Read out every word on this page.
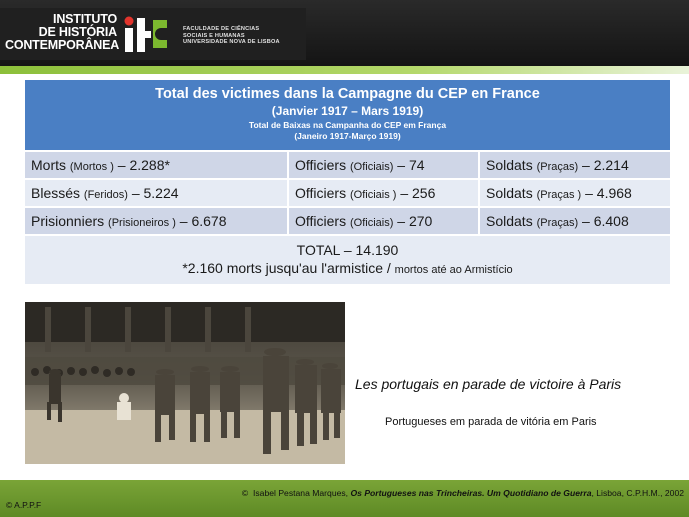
INSTITUTO
DE HISTÓRIA
CONTEMPORÂNEA
FACULDADE DE CIÊNCIAS
SOCIAIS E HUMANAS
UNIVERSIDADE NOVA DE LISBOA
Total des victimes dans la Campagne du CEP en France
(Janvier 1917 – Mars 1919)
Total de Baixas na Campanha do CEP em França
(Janeiro 1917-Março 1919)
Morts (Mortos ) – 2.288*	Officiers (Oficiais) – 74	Soldats (Praças) – 2.214
Blessés (Feridos) – 5.224	Officiers (Oficiais ) – 256	Soldats (Praças ) – 4.968
Prisionniers (Prisioneiros ) – 6.678	Officiers (Oficiais) – 270	Soldats (Praças) – 6.408
TOTAL – 14.190
*2.160 morts jusqu'au l'armistice / mortos até ao Armistício
Les portugais en parade de victoire à Paris
Portugueses em parada de vitória em Paris
© Isabel Pestana Marques, Os Portugueses nas Trincheiras. Um Quotidiano de Guerra, Lisboa, C.P.H.M., 2002
© A.P.P.F
